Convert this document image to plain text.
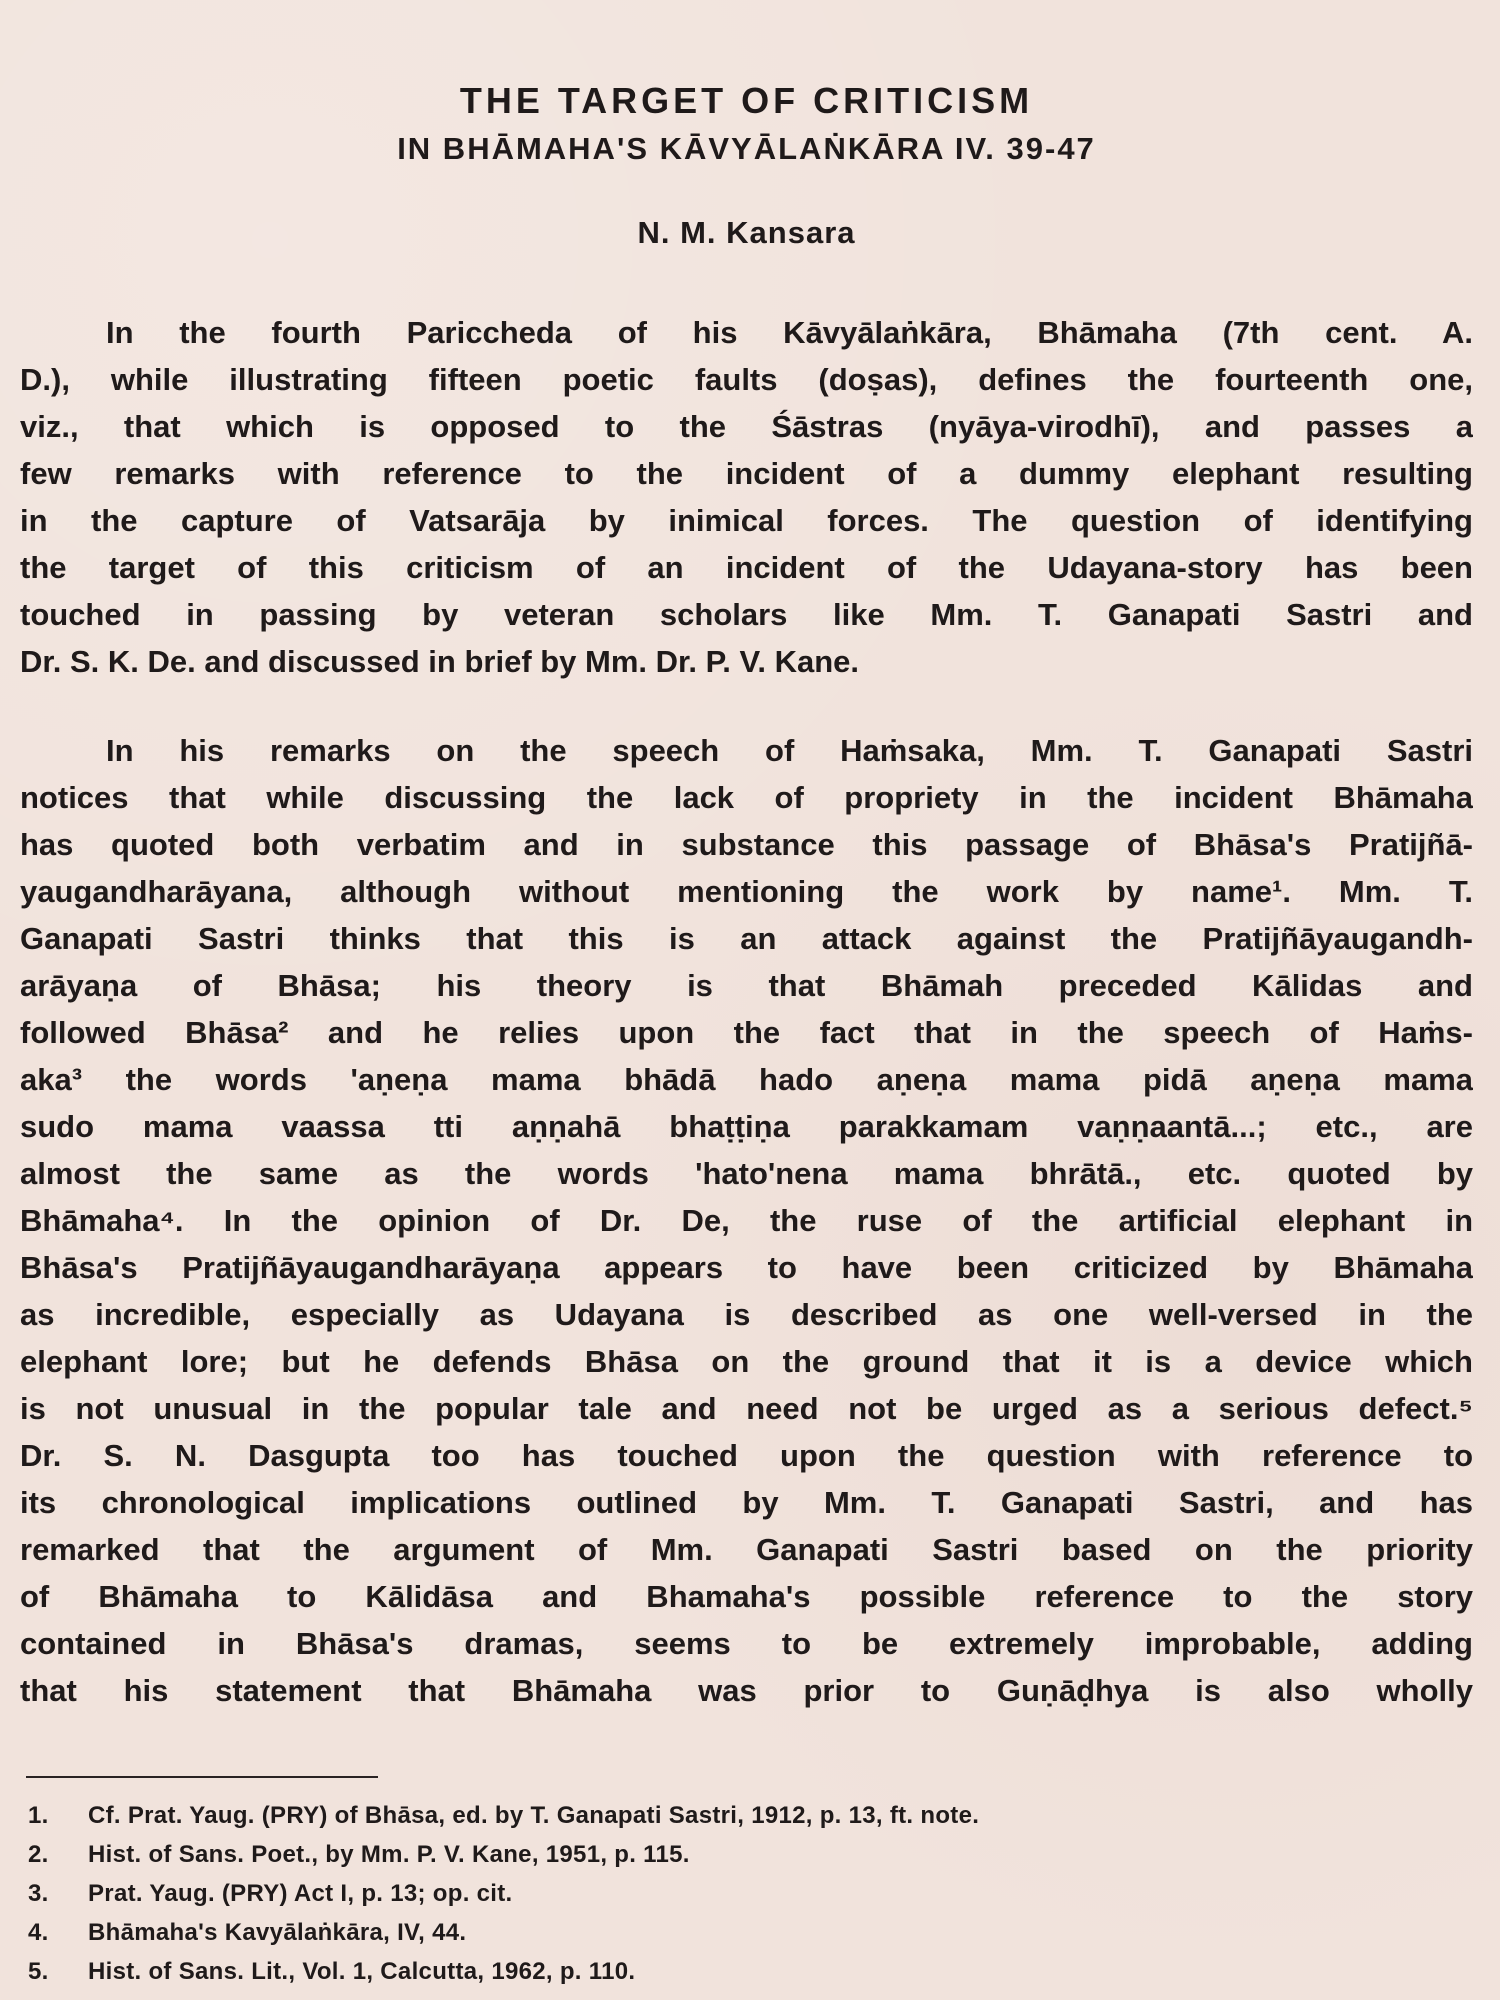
THE TARGET OF CRITICISM
IN BHĀMAHA'S KĀVYĀLAṄKĀRA IV. 39-47
N. M. Kansara
In the fourth Pariccheda of his Kāvyālaṅkāra, Bhāmaha (7th cent. A.
D.), while illustrating fifteen poetic faults (doṣas), defines the fourteenth one,
viz., that which is opposed to the Śāstras (nyāya-virodhī), and passes a
few remarks with reference to the incident of a dummy elephant resulting
in the capture of Vatsarāja by inimical forces. The question of identifying
the target of this criticism of an incident of the Udayana-story has been
touched in passing by veteran scholars like Mm. T. Ganapati Sastri and
Dr. S. K. De. and discussed in brief by Mm. Dr. P. V. Kane.
In his remarks on the speech of Haṁsaka, Mm. T. Ganapati Sastri
notices that while discussing the lack of propriety in the incident Bhāmaha
has quoted both verbatim and in substance this passage of Bhāsa's Pratijñā-
yaugandharāyana, although without mentioning the work by name¹. Mm. T.
Ganapati Sastri thinks that this is an attack against the Pratijñāyaugandh-
arāyaṇa of Bhāsa; his theory is that Bhāmah preceded Kālidas and
followed Bhāsa² and he relies upon the fact that in the speech of Haṁs-
aka³ the words 'aṇeṇa mama bhādā hado aṇeṇa mama pidā aṇeṇa mama
sudo mama vaassa tti aṇṇahā bhaṭṭiṇa parakkamam vaṇṇaantā...; etc., are
almost the same as the words 'hato'nena mama bhrātā., etc. quoted by
Bhāmaha⁴. In the opinion of Dr. De, the ruse of the artificial elephant in
Bhāsa's Pratijñāyaugandharāyaṇa appears to have been criticized by Bhāmaha
as incredible, especially as Udayana is described as one well-versed in the
elephant lore; but he defends Bhāsa on the ground that it is a device which
is not unusual in the popular tale and need not be urged as a serious defect.⁵
Dr. S. N. Dasgupta too has touched upon the question with reference to
its chronological implications outlined by Mm. T. Ganapati Sastri, and has
remarked that the argument of Mm. Ganapati Sastri based on the priority
of Bhāmaha to Kālidāsa and Bhamaha's possible reference to the story
contained in Bhāsa's dramas, seems to be extremely improbable, adding
that his statement that Bhāmaha was prior to Guṇāḍhya is also wholly
1.	Cf. Prat. Yaug. (PRY) of Bhāsa, ed. by T. Ganapati Sastri, 1912, p. 13, ft. note.
2.	Hist. of Sans. Poet., by Mm. P. V. Kane, 1951, p. 115.
3.	Prat. Yaug. (PRY) Act I, p. 13; op. cit.
4.	Bhāmaha's Kavyālaṅkāra, IV, 44.
5.	Hist. of Sans. Lit., Vol. 1, Calcutta, 1962, p. 110.
